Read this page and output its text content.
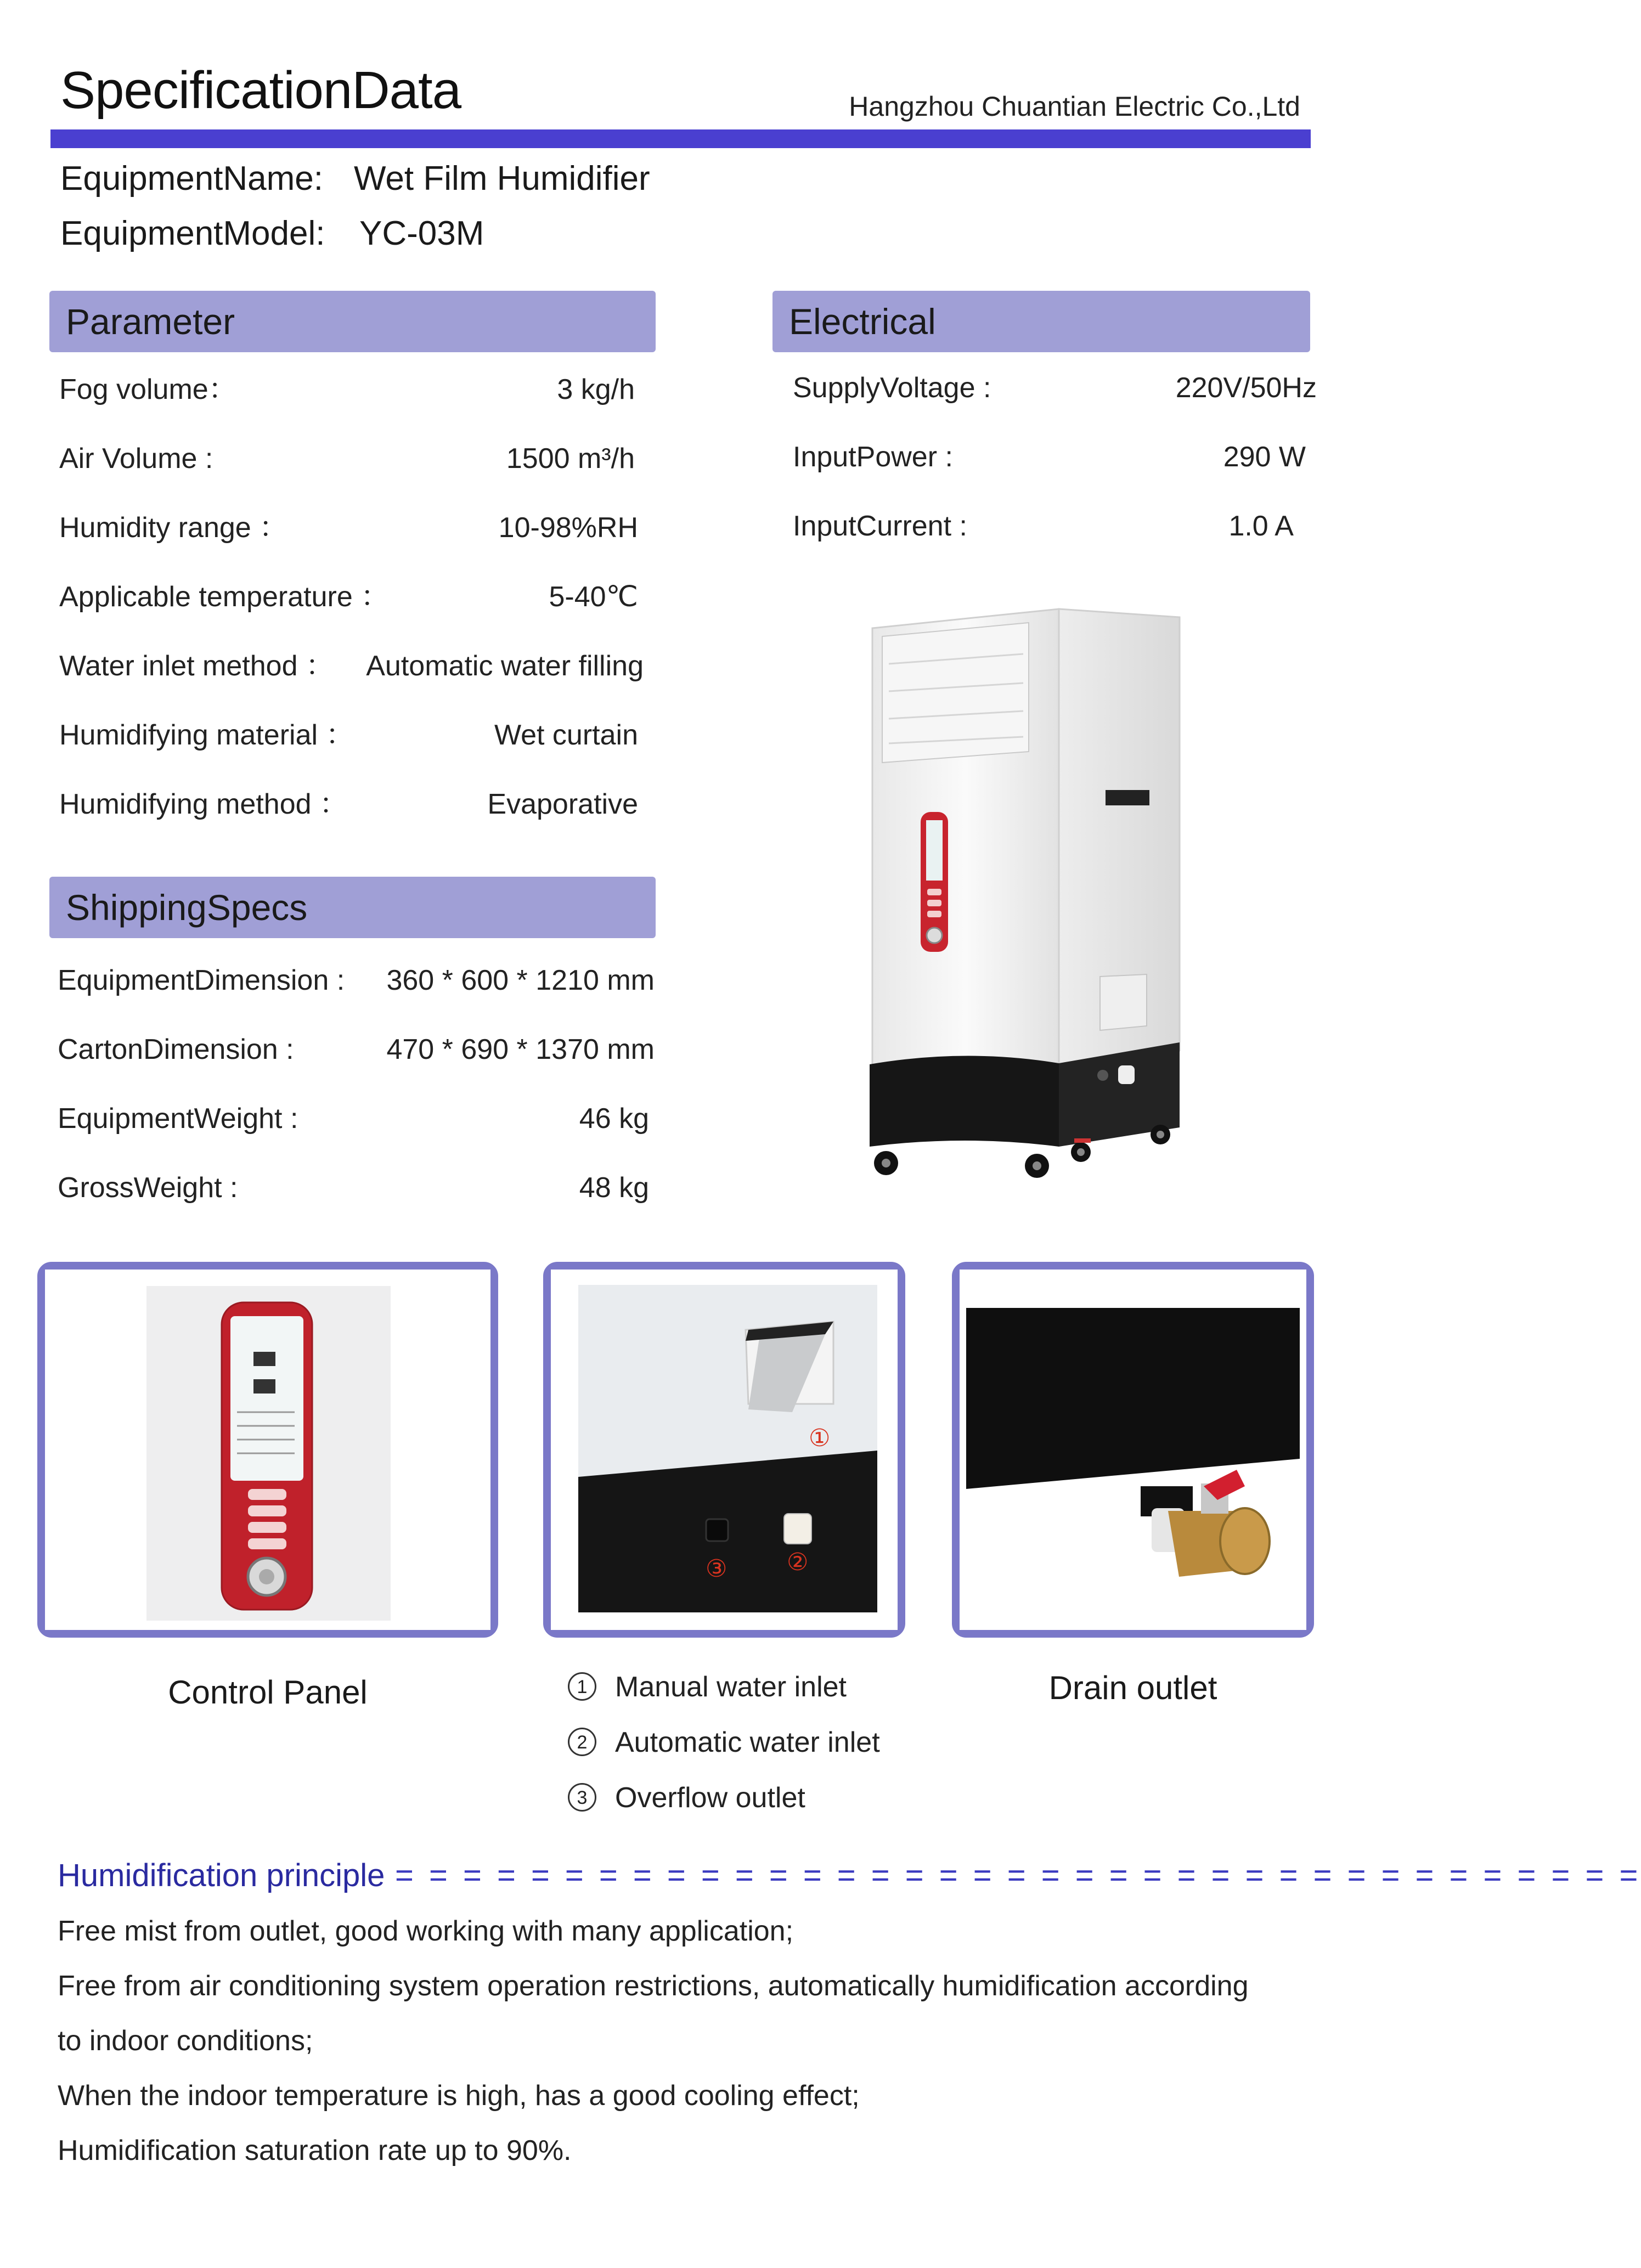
SpecificationData	Hangzhou Chuantian Electric Co.,Ltd
EquipmentName: Wet Film Humidifier
EquipmentModel: YC-03M
Parameter
Fog volume：	3 kg/h
Air Volume :	1500 m³/h
Humidity range ：	10-98%RH
Applicable temperature ：	5-40℃
Water inlet method ： Automatic water filling
Humidifying material ：	Wet curtain
Humidifying method ：	Evaporative
Electrical
SupplyVoltage :	220V/50Hz
InputPower :	290 W
InputCurrent :	1.0 A
ShippingSpecs
EquipmentDimension : 360 * 600 * 1210 mm
CartonDimension :	470 * 690 * 1370 mm
EquipmentWeight :	46 kg
GrossWeight :	48 kg
①
③ ②
Control Panel	Drain outlet
1 Manual water inlet
2 Automatic water inlet
3 Overflow outlet
Humidification principle = = = = = = = = = = = = = = = = = = = = = = = = = = = = = = = = = = = = =
Free mist from outlet, good working with many application;
Free from air conditioning system operation restrictions, automatically humidification according
to indoor conditions;
When the indoor temperature is high, has a good cooling effect;
Humidification saturation rate up to 90%.
